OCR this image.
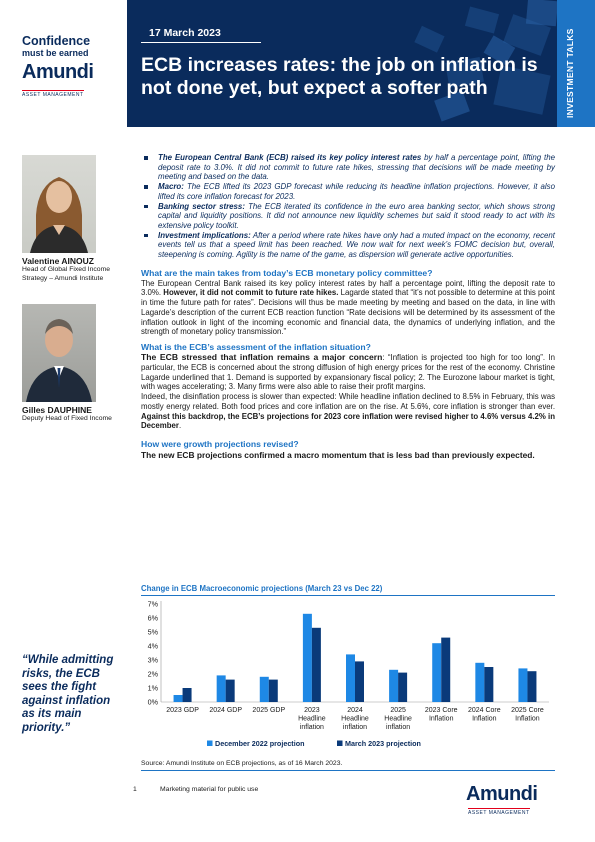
Confidence
must be earned
Amundi
ASSET MANAGEMENT
17 March 2023
ECB increases rates: the job on inflation is not done yet, but expect a softer path	INVESTMENT TALKS
Valentine AINOUZ
Head of Global Fixed Income Strategy – Amundi Institute
Gilles DAUPHINE
Deputy Head of Fixed Income
“While admitting risks, the ECB sees the fight against inflation as its main priority.”
The European Central Bank (ECB) raised its key policy interest rates by half a percentage point, lifting the deposit rate to 3.0%. It did not commit to future rate hikes, stressing that decisions will be made meeting by meeting and based on the data.
Macro: The ECB lifted its 2023 GDP forecast while reducing its headline inflation projections. However, it also lifted its core inflation forecast for 2023.
Banking sector stress: The ECB iterated its confidence in the euro area banking sector, which shows strong capital and liquidity positions. It did not announce new liquidity schemes but said it stood ready to act with its extensive policy toolkit.
Investment implications: After a period where rate hikes have only had a muted impact on the economy, recent events tell us that a speed limit has been reached. We now wait for next week’s FOMC decision but, overall, steepening is coming. Agility is the name of the game, as dispersion will generate active opportunities.
What are the main takes from today’s ECB monetary policy committee?

The European Central Bank raised its key policy interest rates by half a percentage point, lifting the deposit rate to 3.0%. However, it did not commit to future rate hikes. Lagarde stated that “it’s not possible to determine at this point in time the future path for rates”. Decisions will thus be made meeting by meeting and based on the data, in line with Lagarde’s description of the current ECB reaction function “Rate decisions will be determined by its assessment of the inflation outlook in light of the incoming economic and financial data, the dynamics of underlying inflation, and the strength of monetary policy transmission.”

What is the ECB’s assessment of the inflation situation?

The ECB stressed that inflation remains a major concern: “Inflation is projected too high for too long”. In particular, the ECB is concerned about the strong diffusion of high energy prices for the rest of the economy. Christine Lagarde underlined that 1. Demand is supported by expansionary fiscal policy; 2. The Eurozone labour market is tight, with wages accelerating; 3. Many firms were also able to raise their profit margins.

Indeed, the disinflation process is slower than expected: While headline inflation declined to 8.5% in February, this was mostly energy related. Both food prices and core inflation are on the rise. At 5.6%, core inflation is stronger than ever. Against this backdrop, the ECB’s projections for 2023 core inflation were revised higher to 4.6% versus 4.2% in December.

How were growth projections revised?

The new ECB projections confirmed a macro momentum that is less bad than previously expected.

Change in ECB Macroeconomic projections (March 23 vs Dec 22)
0%
1%
2%
3%
4%
5%
6%
7%
2023 GDP 2024 GDP 2025 GDP	2023
Headline
inflation
2024
Headline
inflation
2025
Headline
inflation
2023 Core
Inflation
2024 Core
Inflation
2025 Core
Inflation
December 2022 projection	March 2023 projection
Source: Amundi Institute on ECB projections, as of 16 March 2023.
1	Marketing material for public use	Amundi
ASSET MANAGEMENT
